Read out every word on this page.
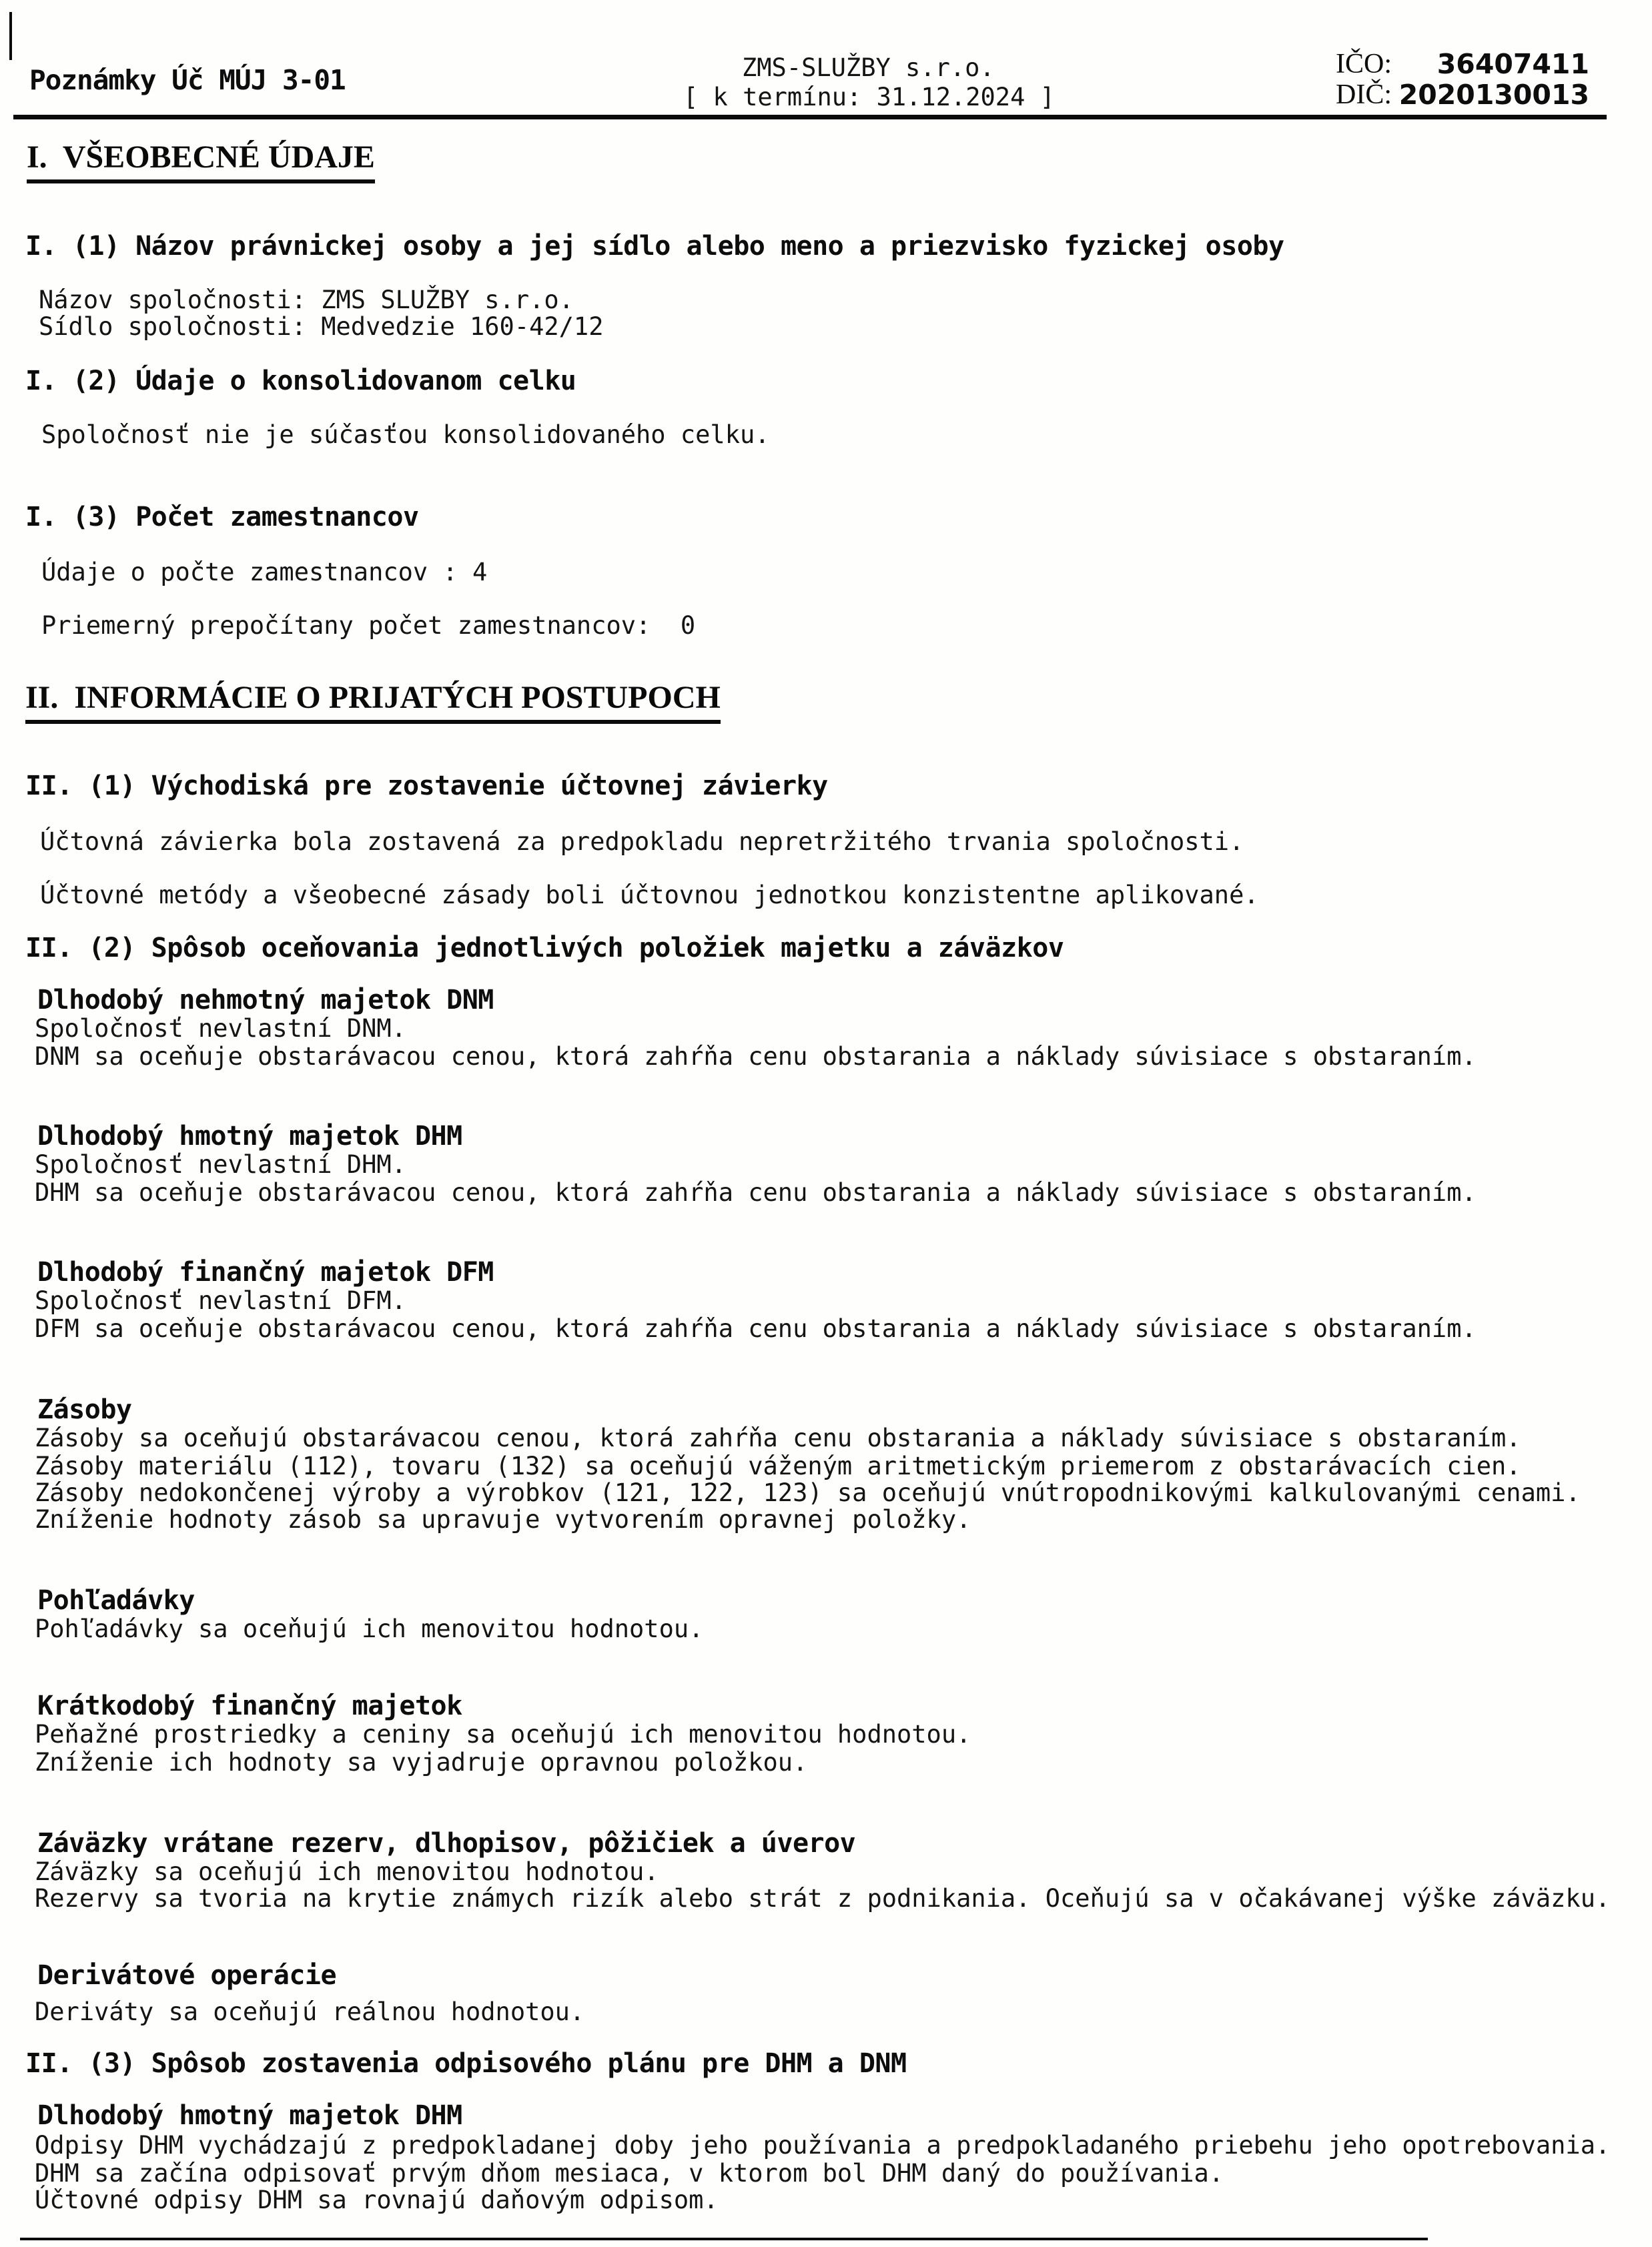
Poznámky Úč MÚJ 3-01	ZMS-SLUŽBY s.r.o.
[ k termínu: 31.12.2024 ]
IČO:	36407411
DIČ: 2020130013
I.  VŠEOBECNÉ ÚDAJE
I. (1) Názov právnickej osoby a jej sídlo alebo meno a priezvisko fyzickej osoby
Názov spoločnosti: ZMS SLUŽBY s.r.o.
Sídlo spoločnosti: Medvedzie 160-42/12
I. (2) Údaje o konsolidovanom celku
Spoločnosť nie je súčasťou konsolidovaného celku.
I. (3) Počet zamestnancov
Údaje o počte zamestnancov : 4
Priemerný prepočítany počet zamestnancov:  0
II.  INFORMÁCIE O PRIJATÝCH POSTUPOCH
II. (1) Východiská pre zostavenie účtovnej závierky
Účtovná závierka bola zostavená za predpokladu nepretržitého trvania spoločnosti.
Účtovné metódy a všeobecné zásady boli účtovnou jednotkou konzistentne aplikované.
II. (2) Spôsob oceňovania jednotlivých položiek majetku a záväzkov
Dlhodobý nehmotný majetok DNM
Spoločnosť nevlastní DNM.
DNM sa oceňuje obstarávacou cenou, ktorá zahŕňa cenu obstarania a náklady súvisiace s obstaraním.
Dlhodobý hmotný majetok DHM
Spoločnosť nevlastní DHM.
DHM sa oceňuje obstarávacou cenou, ktorá zahŕňa cenu obstarania a náklady súvisiace s obstaraním.
Dlhodobý finančný majetok DFM
Spoločnosť nevlastní DFM.
DFM sa oceňuje obstarávacou cenou, ktorá zahŕňa cenu obstarania a náklady súvisiace s obstaraním.
Zásoby
Zásoby sa oceňujú obstarávacou cenou, ktorá zahŕňa cenu obstarania a náklady súvisiace s obstaraním.
Zásoby materiálu (112), tovaru (132) sa oceňujú váženým aritmetickým priemerom z obstarávacích cien.
Zásoby nedokončenej výroby a výrobkov (121, 122, 123) sa oceňujú vnútropodnikovými kalkulovanými cenami.
Zníženie hodnoty zásob sa upravuje vytvorením opravnej položky.
Pohľadávky
Pohľadávky sa oceňujú ich menovitou hodnotou.
Krátkodobý finančný majetok
Peňažné prostriedky a ceniny sa oceňujú ich menovitou hodnotou.
Zníženie ich hodnoty sa vyjadruje opravnou položkou.
Záväzky vrátane rezerv, dlhopisov, pôžičiek a úverov
Záväzky sa oceňujú ich menovitou hodnotou.
Rezervy sa tvoria na krytie známych rizík alebo strát z podnikania. Oceňujú sa v očakávanej výške záväzku.
Derivátové operácie
Deriváty sa oceňujú reálnou hodnotou.
II. (3) Spôsob zostavenia odpisového plánu pre DHM a DNM
Dlhodobý hmotný majetok DHM
Odpisy DHM vychádzajú z predpokladanej doby jeho používania a predpokladaného priebehu jeho opotrebovania.
DHM sa začína odpisovať prvým dňom mesiaca, v ktorom bol DHM daný do používania.
Účtovné odpisy DHM sa rovnajú daňovým odpisom.
